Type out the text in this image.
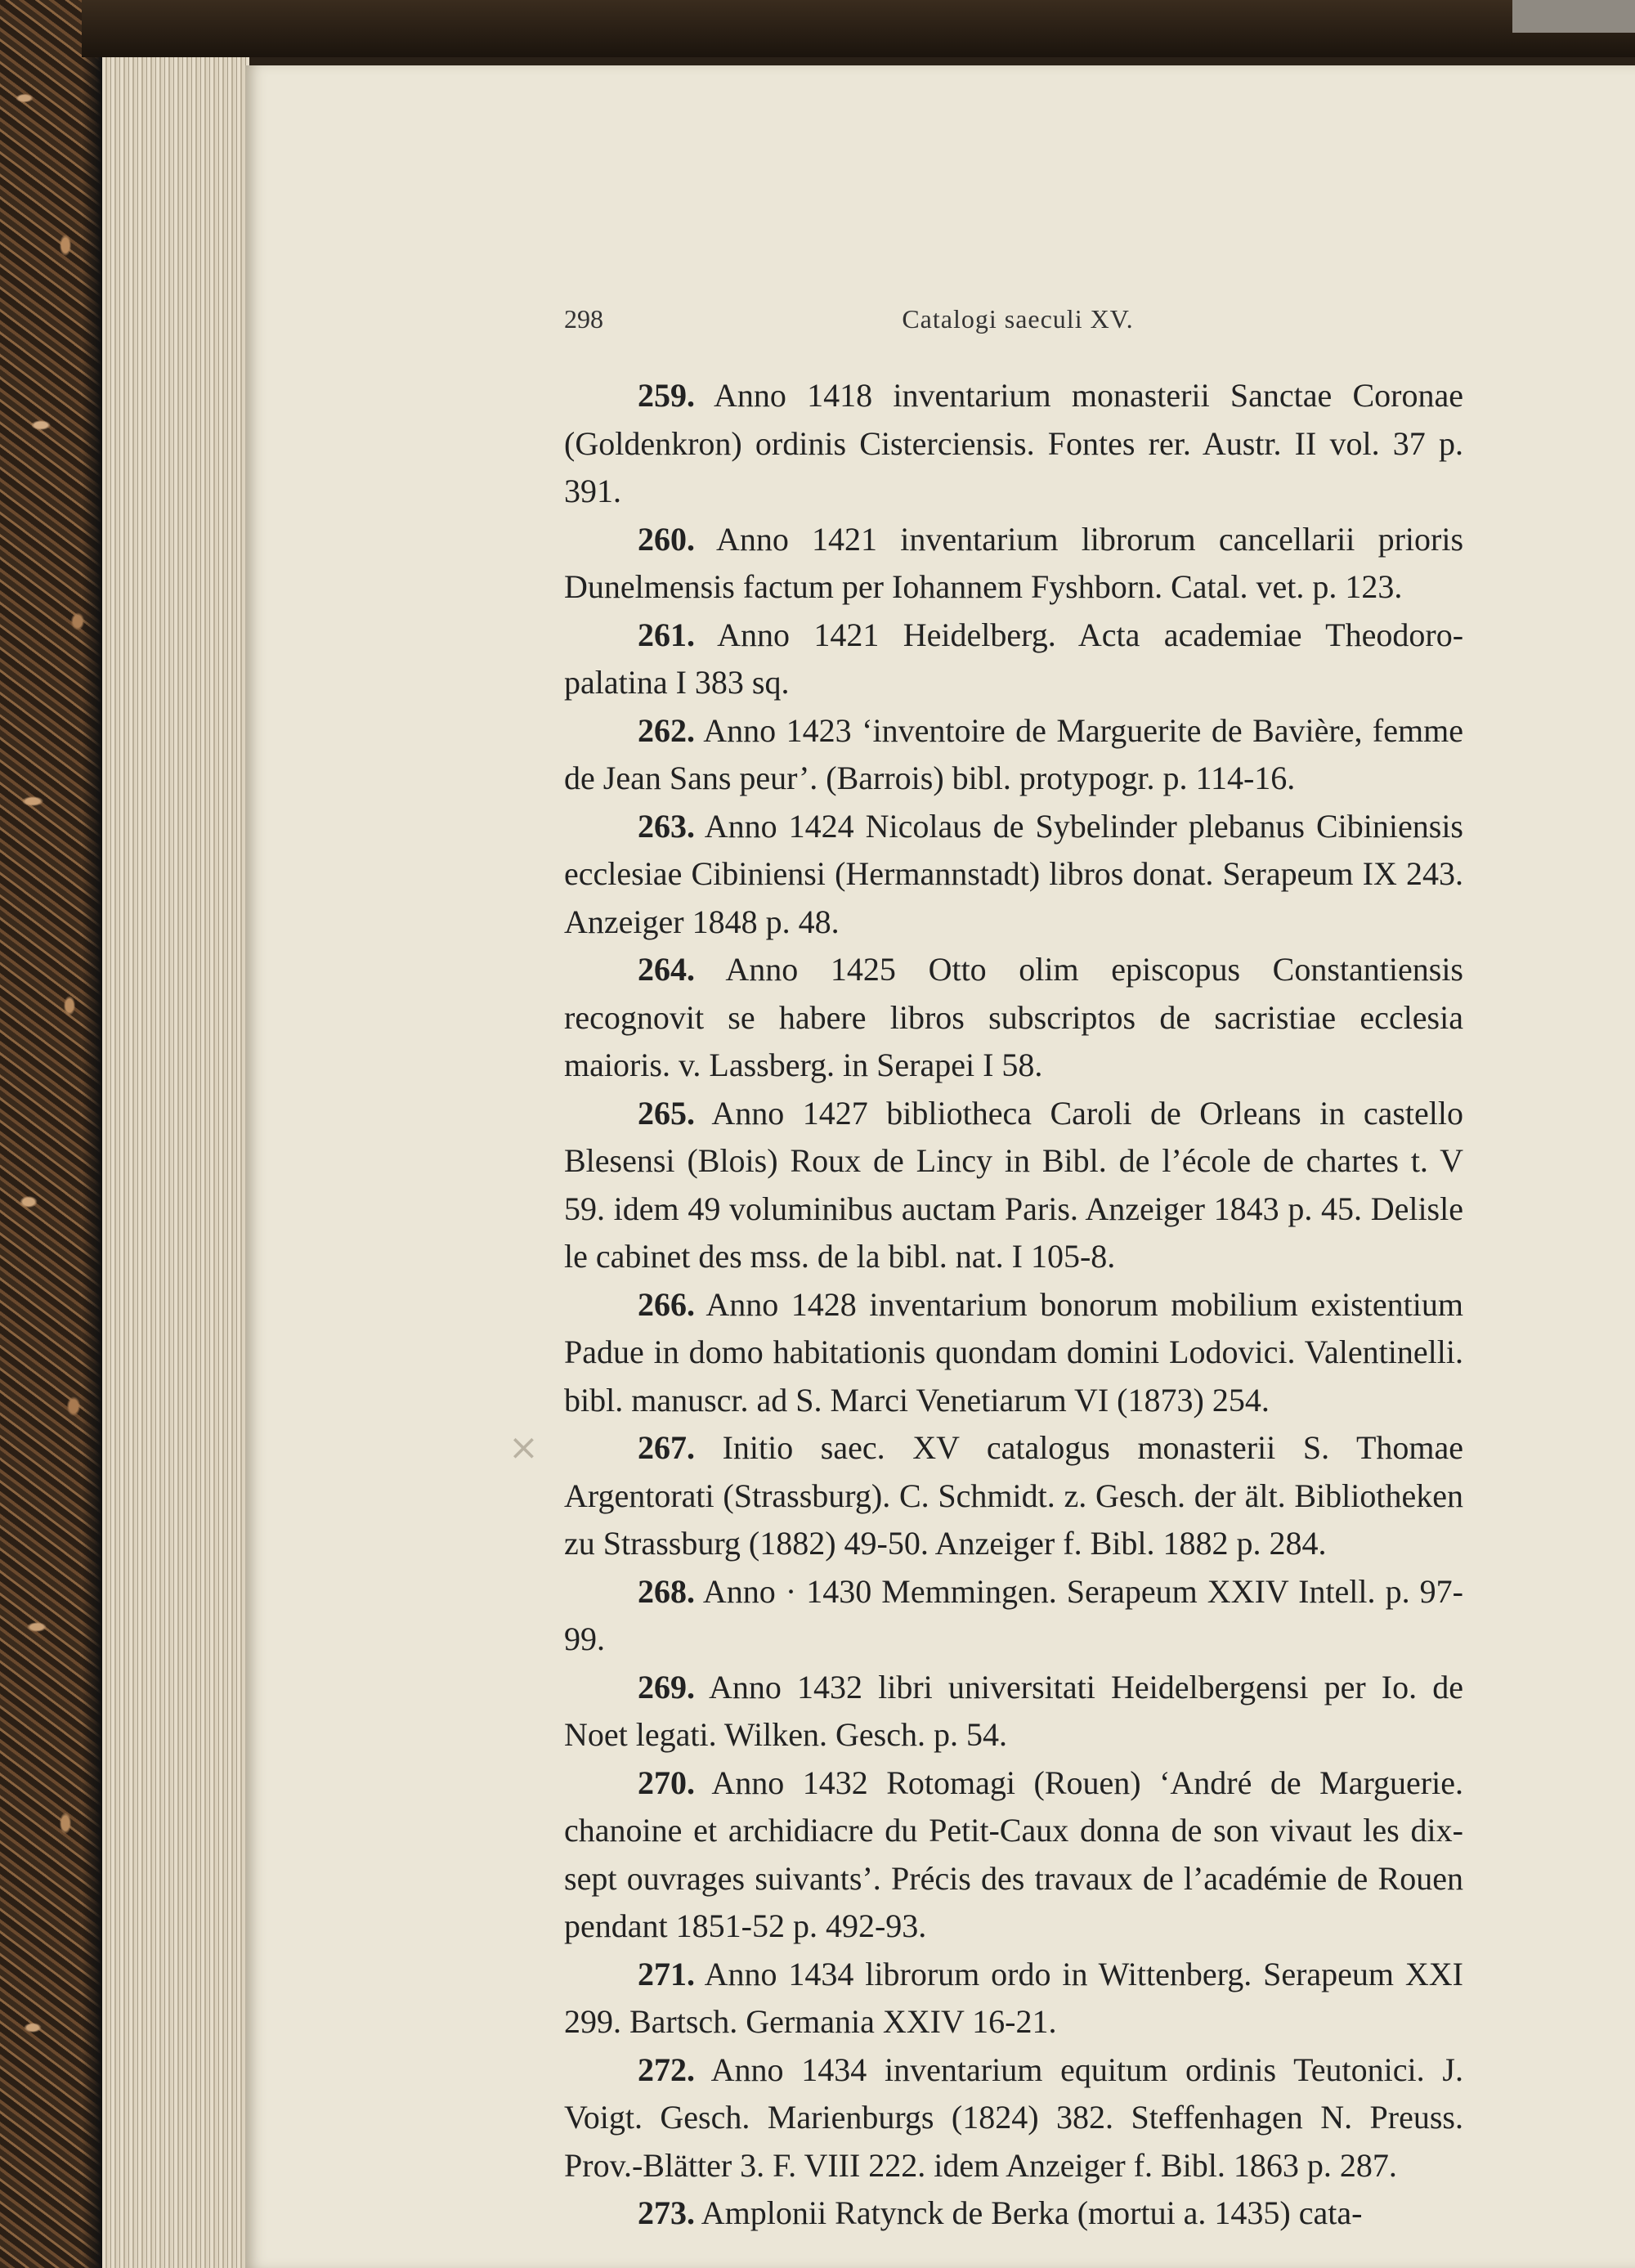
298	Catalogi saeculi XV.

259. Anno 1418 inventarium monasterii Sanctae Coronae (Goldenkron) ordinis Cisterciensis. Fontes rer. Austr. II vol. 37 p. 391.

260. Anno 1421 inventarium librorum cancellarii prioris Dunelmensis factum per Iohannem Fyshborn. Catal. vet. p. 123.

261. Anno 1421 Heidelberg. Acta academiae Theodoro-palatina I 383 sq.

262. Anno 1423 ‘inventoire de Marguerite de Bavière, femme de Jean Sans peur’. (Barrois) bibl. protypogr. p. 114-16.

263. Anno 1424 Nicolaus de Sybelinder plebanus Cibiniensis ecclesiae Cibiniensi (Hermannstadt) libros donat. Serapeum IX 243. Anzeiger 1848 p. 48.

264. Anno 1425 Otto olim episcopus Constantiensis recognovit se habere libros subscriptos de sacristiae ecclesia maioris. v. Lassberg. in Serapei I 58.

265. Anno 1427 bibliotheca Caroli de Orleans in castello Blesensi (Blois) Roux de Lincy in Bibl. de l’école de chartes t. V 59. idem 49 voluminibus auctam Paris. Anzeiger 1843 p. 45. Delisle le cabinet des mss. de la bibl. nat. I 105-8.

266. Anno 1428 inventarium bonorum mobilium existentium Padue in domo habitationis quondam domini Lodovici. Valentinelli. bibl. manuscr. ad S. Marci Venetiarum VI (1873) 254.

267. Initio saec. XV catalogus monasterii S. Thomae Argentorati (Strassburg). C. Schmidt. z. Gesch. der ält. Bibliotheken zu Strassburg (1882) 49-50. Anzeiger f. Bibl. 1882 p. 284.

268. Anno · 1430 Memmingen. Serapeum XXIV Intell. p. 97-99.

269. Anno 1432 libri universitati Heidelbergensi per Io. de Noet legati. Wilken. Gesch. p. 54.

270. Anno 1432 Rotomagi (Rouen) ‘André de Marguerie. chanoine et archidiacre du Petit-Caux donna de son vivaut les dix-sept ouvrages suivants’. Précis des travaux de l’académie de Rouen pendant 1851-52 p. 492-93.

271. Anno 1434 librorum ordo in Wittenberg. Serapeum XXI 299. Bartsch. Germania XXIV 16-21.

272. Anno 1434 inventarium equitum ordinis Teutonici. J. Voigt. Gesch. Marienburgs (1824) 382. Steffenhagen N. Preuss. Prov.-Blätter 3. F. VIII 222. idem Anzeiger f. Bibl. 1863 p. 287.

273. Amplonii Ratynck de Berka (mortui a. 1435) cata-

×
